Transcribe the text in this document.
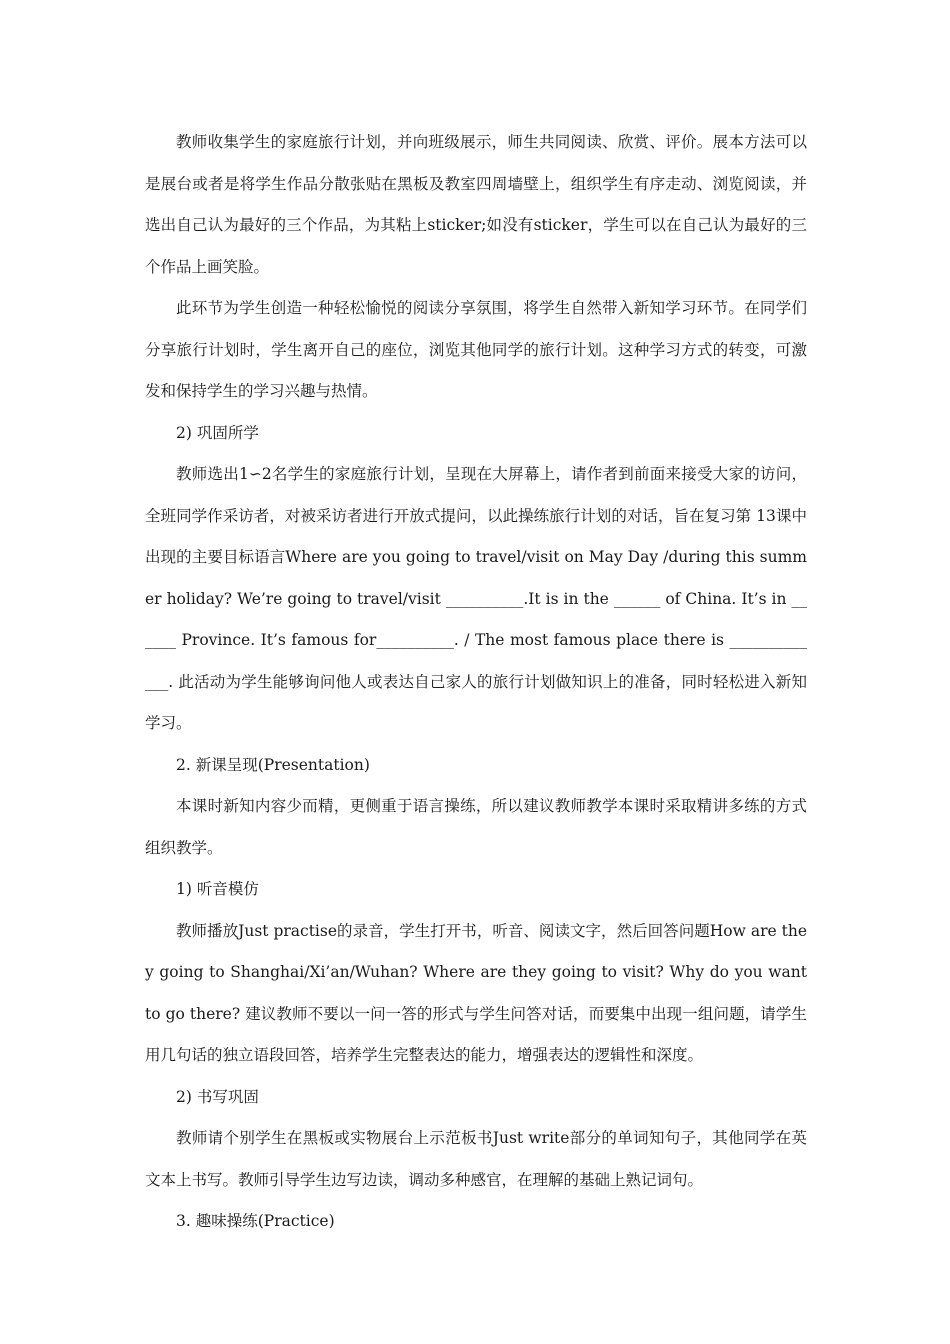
教师收集学生的家庭旅行计划，并向班级展示，师生共同阅读、欣赏、评价。展本方法可以是展台或者是将学生作品分散张贴在黑板及教室四周墙壁上，组织学生有序走动、浏览阅读，并选出自己认为最好的三个作品，为其粘上sticker;如没有sticker，学生可以在自己认为最好的三个作品上画笑脸。

此环节为学生创造一种轻松愉悦的阅读分享氛围，将学生自然带入新知学习环节。在同学们分享旅行计划时，学生离开自己的座位，浏览其他同学的旅行计划。这种学习方式的转变，可激发和保持学生的学习兴趣与热情。

2) 巩固所学

教师选出1∽2名学生的家庭旅行计划，呈现在大屏幕上，请作者到前面来接受大家的访问，全班同学作采访者，对被采访者进行开放式提问，以此操练旅行计划的对话，旨在复习第 13课中出现的主要目标语言Where are you going to travel/visit on May Day /during this summer holiday? We’re going to travel/visit __________.It is in the ______ of China. It’s in ______ Province. It’s famous for__________. / The most famous place there is _____________. 此活动为学生能够询问他人或表达自己家人的旅行计划做知识上的准备，同时轻松进入新知学习。

2. 新课呈现(Presentation)

本课时新知内容少而精，更侧重于语言操练，所以建议教师教学本课时采取精讲多练的方式组织教学。

1) 听音模仿

教师播放Just practise的录音，学生打开书，听音、阅读文字，然后回答问题How are they going to Shanghai/Xi’an/Wuhan? Where are they going to visit? Why do you want to go there? 建议教师不要以一问一答的形式与学生问答对话，而要集中出现一组问题，请学生用几句话的独立语段回答，培养学生完整表达的能力，增强表达的逻辑性和深度。

2) 书写巩固

教师请个别学生在黑板或实物展台上示范板书Just write部分的单词知句子，其他同学在英文本上书写。教师引导学生边写边读，调动多种感官，在理解的基础上熟记词句。

3. 趣味操练(Practice)
